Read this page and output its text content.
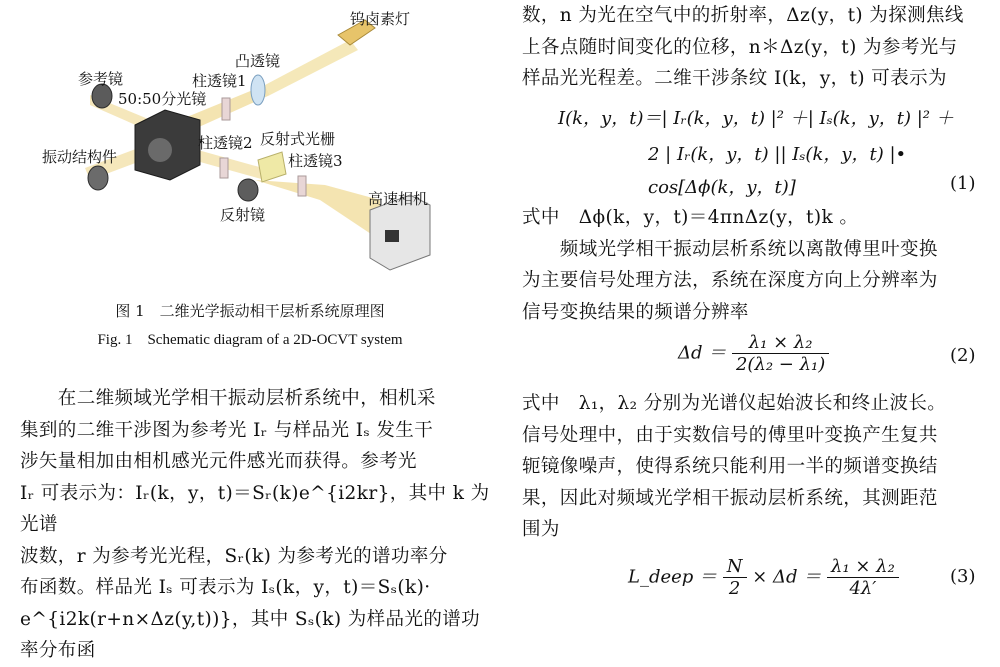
钨卤素灯
凸透镜
参考镜	柱透镜1
50:50分光镜
柱透镜2 反射式光栅
振动结构件	柱透镜3
高速相机
反射镜
图 1　二维光学振动相干层析系统原理图
Fig. 1　Schematic diagram of a 2D-OCVT system

　　在二维频域光学相干振动层析系统中，相机采

集到的二维干涉图为参考光 Iᵣ 与样品光 Iₛ 发生干

涉矢量相加由相机感光元件感光而获得。参考光

Iᵣ 可表示为：Iᵣ(k，y，t)＝Sᵣ(k)e^{i2kr}，其中 k 为光谱

波数，r 为参考光光程，Sᵣ(k) 为参考光的谱功率分

布函数。样品光 Iₛ 可表示为 Iₛ(k，y，t)＝Sₛ(k)·

e^{i2k(r+n×Δz(y,t))}，其中 Sₛ(k) 为样品光的谱功率分布函

数，n 为光在空气中的折射率，Δz(y，t) 为探测焦线

上各点随时间变化的位移，n＊Δz(y，t) 为参考光与

样品光光程差。二维干涉条纹 I(k，y，t) 可表示为

I(k，y，t)＝| Iᵣ(k，y，t) |² ＋| Iₛ(k，y，t) |² ＋
2 | Iᵣ(k，y，t) || Iₛ(k，y，t) |•
cos[Δϕ(k，y，t)]	(1)

式中　Δϕ(k，y，t)＝4πnΔz(y，t)k 。

　　频域光学相干振动层析系统以离散傅里叶变换

为主要信号处理方法，系统在深度方向上分辨率为

信号变换结果的频谱分辨率

$\Delta d = \frac{\text{λ₁ × λ₂}}{\text{2(λ₂ − λ₁)}}$	(2)

式中　λ₁，λ₂ 分别为光谱仪起始波长和终止波长。

信号处理中，由于实数信号的傅里叶变换产生复共

轭镜像噪声，使得系统只能利用一半的频谱变换结

果，因此对频域光学相干振动层析系统，其测距范

围为

L_deep ＝ $\frac{N}{2} \times \Delta d = \frac{\text{λ₁ × λ₂}}{4\lambda'}$	(3)
